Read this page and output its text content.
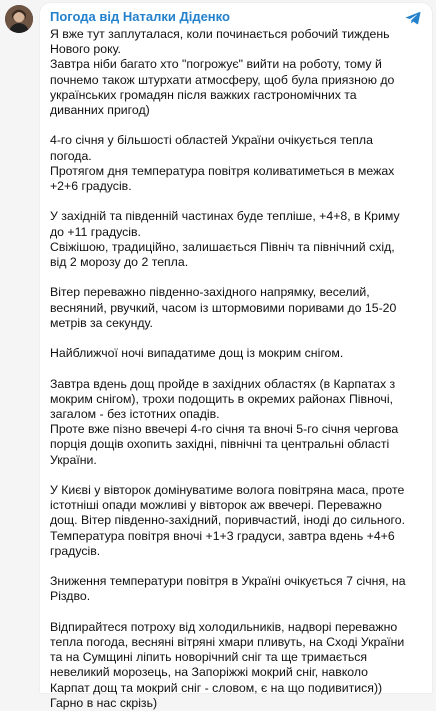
Погода від Наталки Діденко

Я вже тут заплуталася, коли починається робочий тиждень Нового року.
Завтра ніби багато хто "погрожує" вийти на роботу, тому й почнемо також штурхати атмосферу, щоб була приязною до українських громадян після важких гастрономічних та диванних пригод)

4-го січня у більшості областей України очікується тепла погода.
Протягом дня температура повітря коливатиметься в межах +2+6 градусів.

У західній та південній частинах буде тепліше, +4+8, в Криму до +11 градусів.
Свіжішою, традиційно, залишається Північ та північний схід, від 2 морозу до 2 тепла.

Вітер переважно південно-західного напрямку, веселий, весняний, рвучкий, часом із штормовими поривами до 15-20 метрів за секунду.

Найближчої ночі випадатиме дощ із мокрим снігом.

Завтра вдень дощ пройде в західних областях (в Карпатах з мокрим снігом), трохи подощить в окремих районах Півночі, загалом - без істотних опадів.
Проте вже пізно ввечері 4-го січня та вночі 5-го січня чергова порція дощів охопить західні, північні та центральні області України.

У Києві у вівторок домінуватиме волога повітряна маса, проте істотніші опади можливі у вівторок аж ввечері. Переважно дощ. Вітер південно-західний, поривчастий, іноді до сильного.
Температура повітря вночі +1+3 градуси, завтра вдень +4+6 градусів.

Зниження температури повітря в Україні очікується 7 січня, на Різдво.

Відпирайтеся потроху від холодильників, надворі переважно тепла погода, весняні вітряні хмари пливуть, на Сході України та на Сумщині ліпить новорічний сніг та ще тримається невеликий морозець, на Запоріжжі мокрий сніг, навколо Карпат дощ та мокрий сніг - словом, є на що подивитися))
Гарно в нас скрізь)
